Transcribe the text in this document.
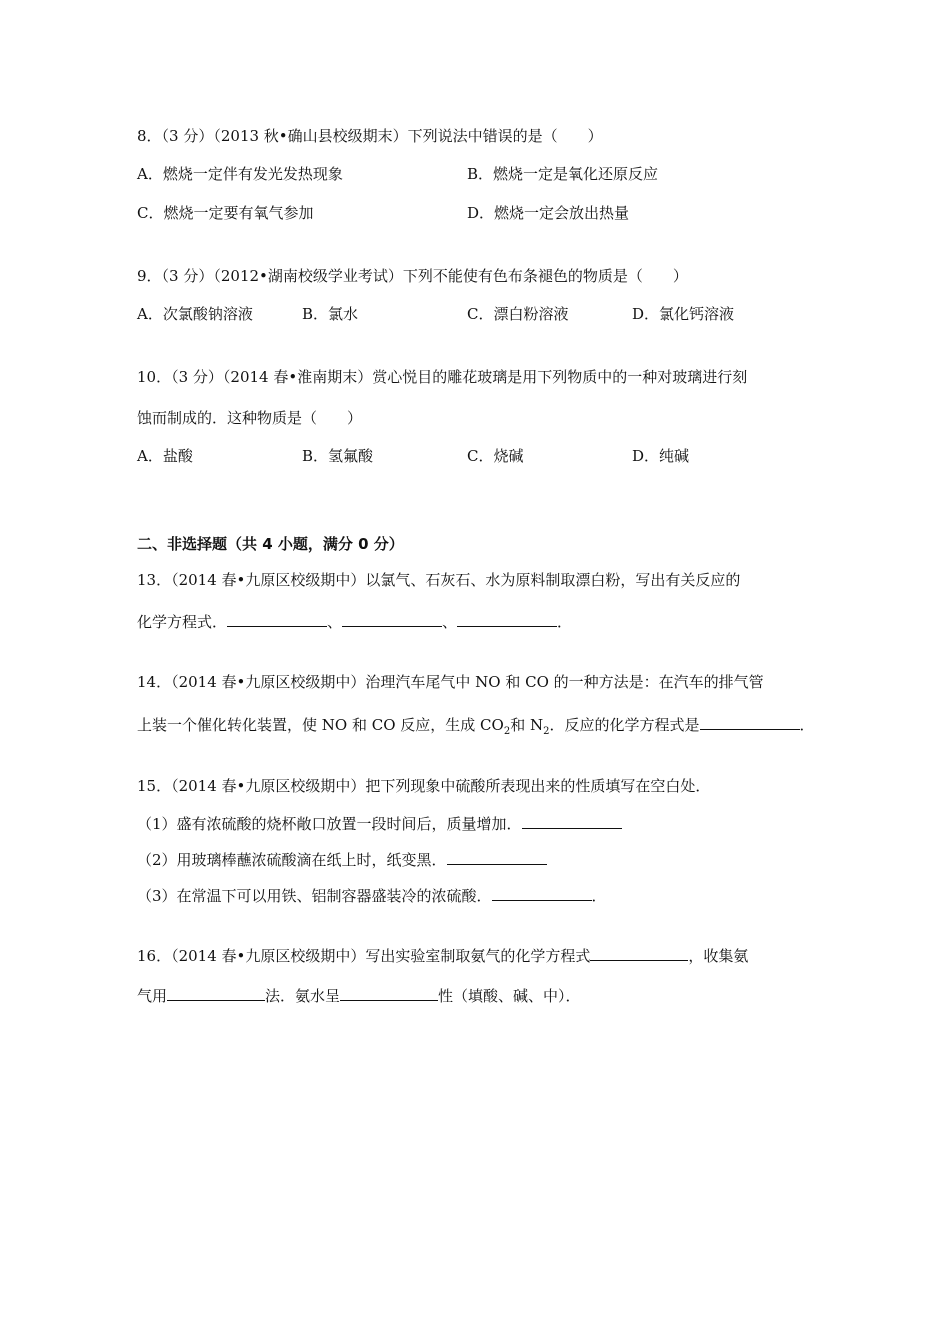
8．（3 分）（2013 秋•确山县校级期末）下列说法中错误的是（　　）
A．燃烧一定伴有发光发热现象	B．燃烧一定是氧化还原反应
C．燃烧一定要有氧气参加	D．燃烧一定会放出热量
9．（3 分）（2012•湖南校级学业考试）下列不能使有色布条褪色的物质是（　　）
A．次氯酸钠溶液	B．氯水	C．漂白粉溶液	D．氯化钙溶液
10．（3 分）（2014 春•淮南期末）赏心悦目的雕花玻璃是用下列物质中的一种对玻璃进行刻
蚀而制成的．这种物质是（　　）
A．盐酸	B．氢氟酸	C．烧碱	D．纯碱
二、非选择题（共 4 小题，满分 0 分）
13．（2014 春•九原区校级期中）以氯气、石灰石、水为原料制取漂白粉，写出有关反应的
化学方程式．	、	、	．
14．（2014 春•九原区校级期中）治理汽车尾气中 NO 和 CO 的一种方法是：在汽车的排气管
上装一个催化转化装置，使 NO 和 CO 反应，生成 $CO_2$和 $N_2$．反应的化学方程式是	．
15．（2014 春•九原区校级期中）把下列现象中硫酸所表现出来的性质填写在空白处．
（1）盛有浓硫酸的烧杯敞口放置一段时间后，质量增加．
（2）用玻璃棒蘸浓硫酸滴在纸上时，纸变黑．
（3）在常温下可以用铁、铝制容器盛装冷的浓硫酸．	．
16．（2014 春•九原区校级期中）写出实验室制取氨气的化学方程式	，收集氨
气用	法．氨水呈	性（填酸、碱、中）．
